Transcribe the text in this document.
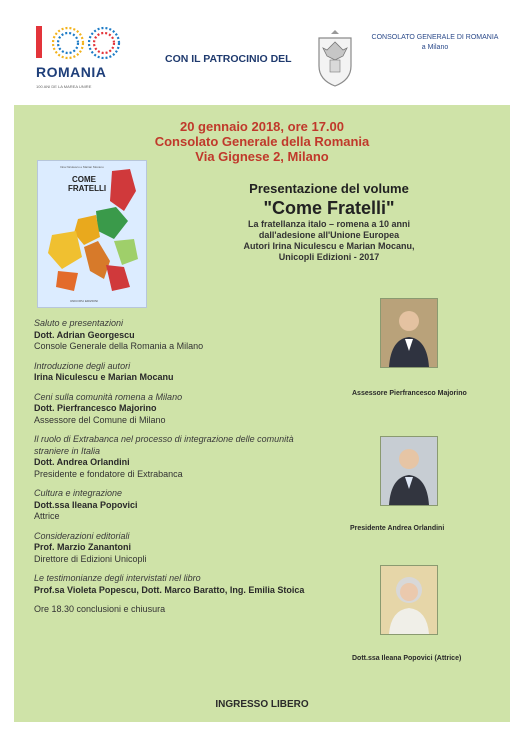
ROMANIA
100 ANI DE LA MAREA UNIRE
CON IL PATROCINIO DEL
CONSOLATO GENERALE DI ROMANIA
a Milano
20 gennaio 2018, ore 17.00
Consolato Generale della Romania
Via Gignese 2, Milano
Irina Niculescu e Marian Mocanu
COME
FRATELLI
UNICOPLI EDIZIONI
Presentazione del volume
"Come Fratelli"
La fratellanza italo – romena a 10 anni
dall'adesione all'Unione Europea
Autori Irina Niculescu e Marian Mocanu,
Unicopli Edizioni - 2017
Saluto e presentazioni
Dott. Adrian Georgescu
Console Generale della Romania a Milano
Introduzione degli autori
Irina Niculescu e Marian Mocanu
Ceni sulla comunità romena a Milano
Dott. Pierfrancesco Majorino
Assessore del Comune di Milano
Il ruolo di Extrabanca nel processo di integrazione delle comunità straniere in Italia
Dott. Andrea Orlandini
Presidente e fondatore di Extrabanca
Cultura e integrazione
Dott.ssa Ileana Popovici
Attrice
Considerazioni editoriali
Prof. Marzio Zanantoni
Direttore di Edizioni Unicopli
Le testimonianze degli intervistati nel libro
Prof.sa Violeta Popescu, Dott. Marco Baratto, Ing. Emilia Stoica
Ore 18.30 conclusioni e chiusura
Assessore Pierfrancesco Majorino
Presidente Andrea Orlandini
Dott.ssa Ileana Popovici (Attrice)
INGRESSO LIBERO
